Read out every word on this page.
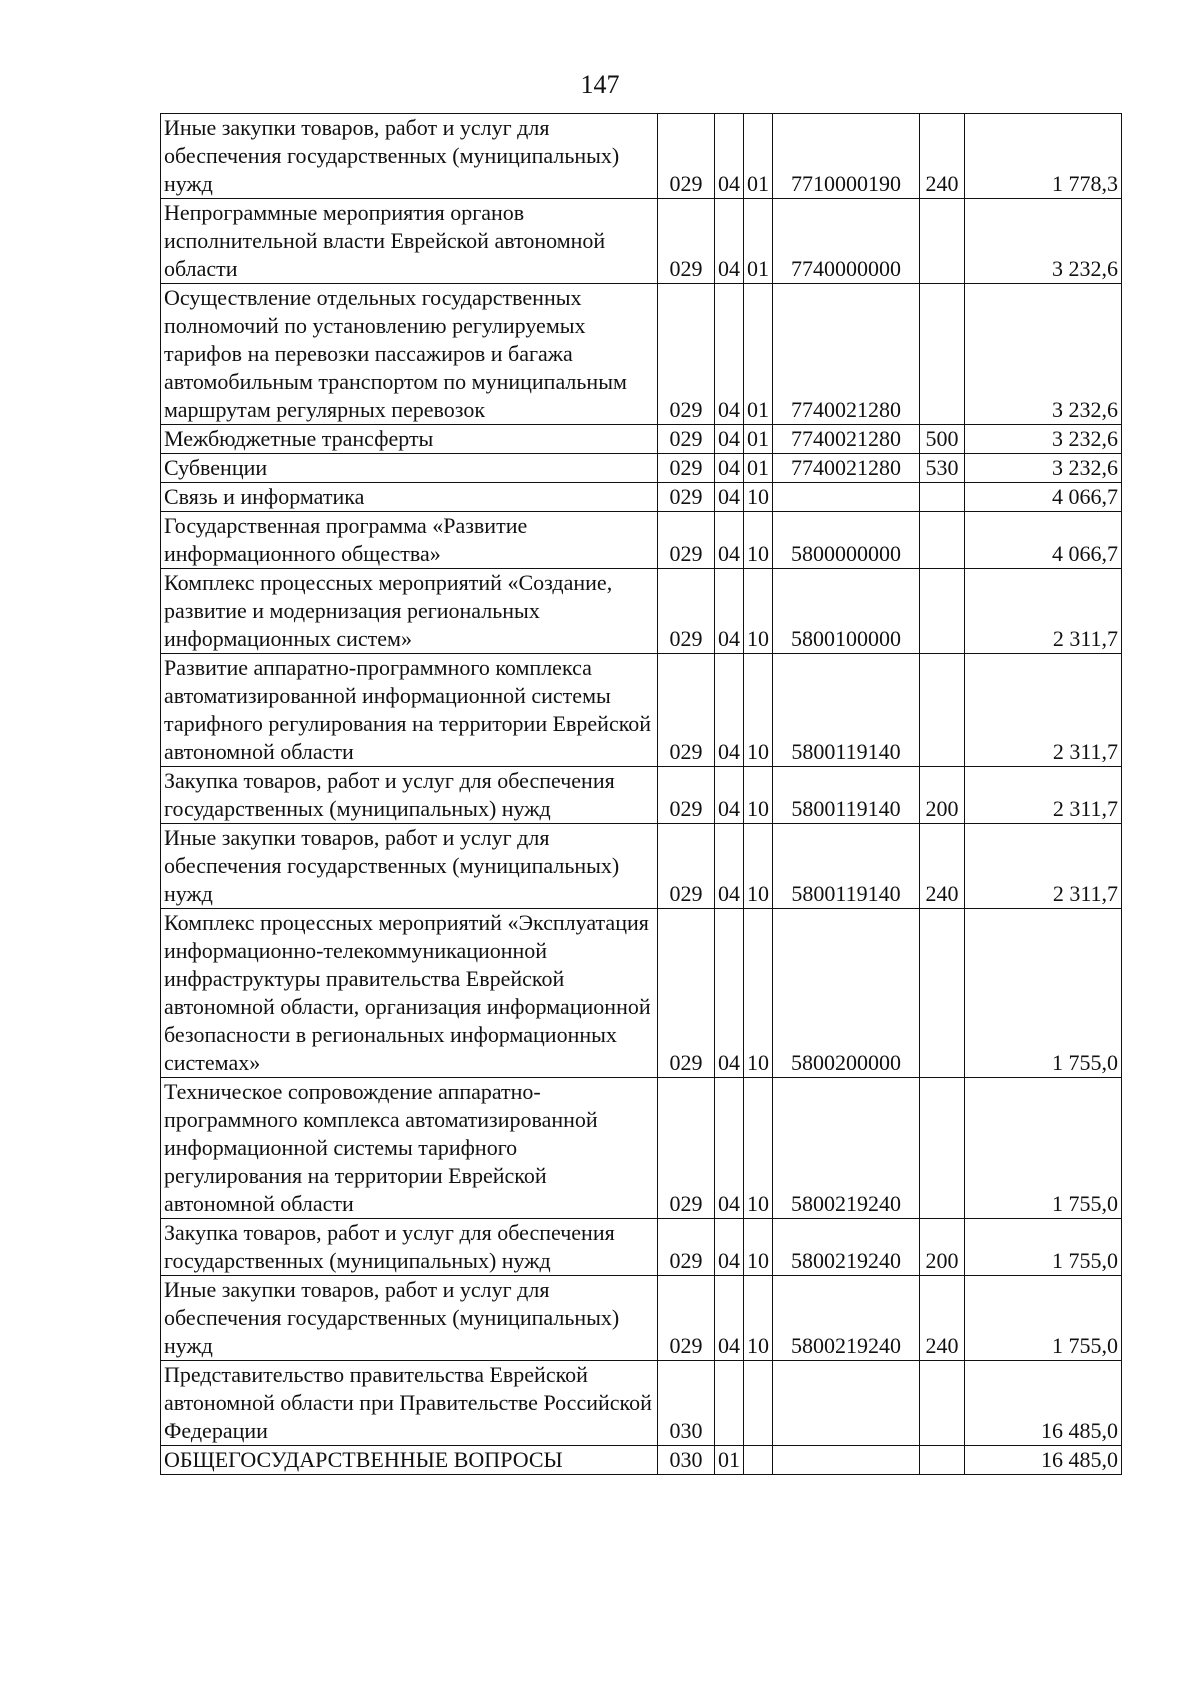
147
Иные закупки товаров, работ и услуг для обеспечения государственных (муниципальных) нужд	029	04	01	7710000190	240	1 778,3
Непрограммные мероприятия органов исполнительной власти Еврейской автономной области	029	04	01	7740000000		3 232,6
Осуществление отдельных государственных полномочий по установлению регулируемых тарифов на перевозки пассажиров и багажа автомобильным транспортом по муниципальным маршрутам регулярных перевозок	029	04	01	7740021280		3 232,6
Межбюджетные трансферты	029	04	01	7740021280	500	3 232,6
Субвенции	029	04	01	7740021280	530	3 232,6
Связь и информатика	029	04	10			4 066,7
Государственная программа «Развитие информационного общества»	029	04	10	5800000000		4 066,7
Комплекс процессных мероприятий «Создание, развитие и модернизация региональных информационных систем»	029	04	10	5800100000		2 311,7
Развитие аппаратно-программного комплекса автоматизированной информационной системы тарифного регулирования на территории Еврейской автономной области	029	04	10	5800119140		2 311,7
Закупка товаров, работ и услуг для обеспечения государственных (муниципальных) нужд	029	04	10	5800119140	200	2 311,7
Иные закупки товаров, работ и услуг для обеспечения государственных (муниципальных) нужд	029	04	10	5800119140	240	2 311,7
Комплекс процессных мероприятий «Эксплуатация информационно-телекоммуникационной инфраструктуры правительства Еврейской автономной области, организация информационной безопасности в региональных информационных системах»	029	04	10	5800200000		1 755,0
Техническое сопровождение аппаратно-программного комплекса автоматизированной информационной системы тарифного регулирования на территории Еврейской автономной области	029	04	10	5800219240		1 755,0
Закупка товаров, работ и услуг для обеспечения государственных (муниципальных) нужд	029	04	10	5800219240	200	1 755,0
Иные закупки товаров, работ и услуг для обеспечения государственных (муниципальных) нужд	029	04	10	5800219240	240	1 755,0
Представительство правительства Еврейской автономной области при Правительстве Российской Федерации	030					16 485,0
ОБЩЕГОСУДАРСТВЕННЫЕ ВОПРОСЫ	030	01				16 485,0
